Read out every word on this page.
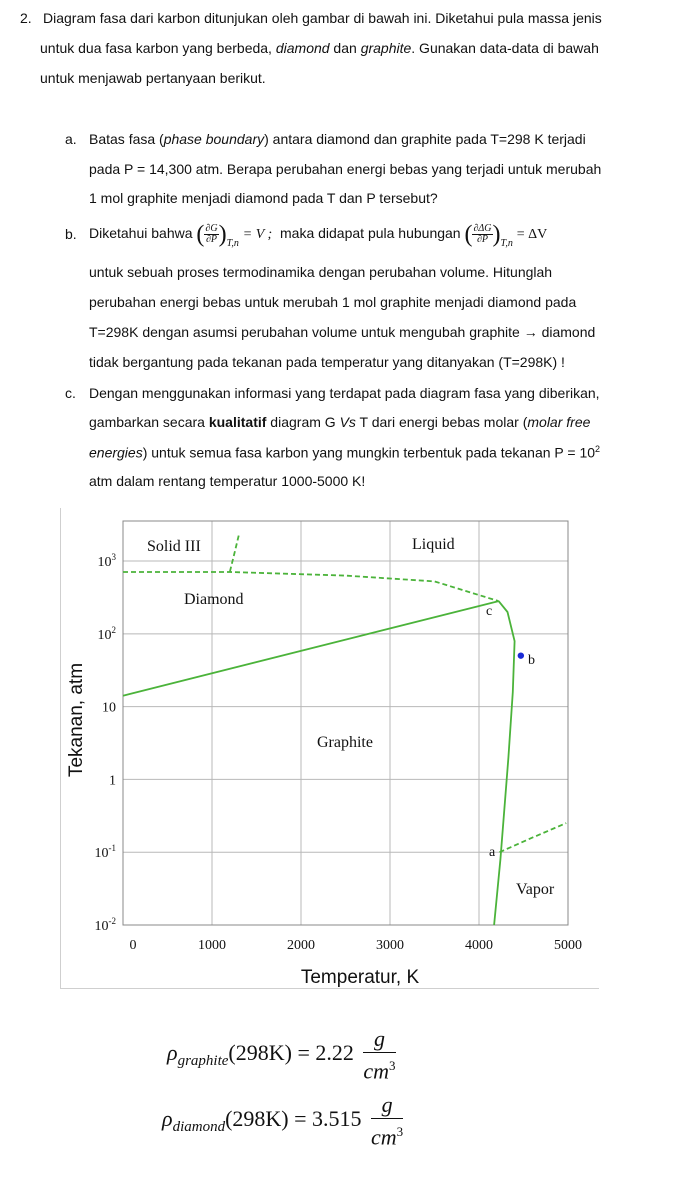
2. Diagram fasa dari karbon ditunjukan oleh gambar di bawah ini. Diketahui pula massa jenis
untuk dua fasa karbon yang berbeda, diamond dan graphite. Gunakan data-data di bawah
untuk menjawab pertanyaan berikut.
a. Batas fasa (phase boundary) antara diamond dan graphite pada T=298 K terjadi
pada P = 14,300 atm. Berapa perubahan energi bebas yang terjadi untuk merubah
1 mol graphite menjadi diamond pada T dan P tersebut?
b. Diketahui bahwa ( $\frac{\partial G}{\partial P} )_{T,n} = V$ ; maka didapat pula hubungan ( $\frac{\partial\Delta G}{\partial P} )_{T,n} = \Delta V$
untuk sebuah proses termodinamika dengan perubahan volume. Hitunglah
perubahan energi bebas untuk merubah 1 mol graphite menjadi diamond pada
T=298K dengan asumsi perubahan volume untuk mengubah graphite → diamond
tidak bergantung pada tekanan pada temperatur yang ditanyakan (T=298K) !
c. Dengan menggunakan informasi yang terdapat pada diagram fasa yang diberikan,
gambarkan secara kualitatif diagram G Vs T dari energi bebas molar (molar free
energies) untuk semua fasa karbon yang mungkin terbentuk pada tekanan $P = 10^2$
atm dalam rentang temperatur 1000-5000 K!
0	1000	2000	3000	4000	5000
$10^3$
$10^2$
10
1
$10^{-1}$
$10^{-2}$
Temperatur, K
Tekanan, atm
Solid III	Liquid
Diamond
Graphite
Vapor
a
b
c
$\rho_{graphite}(298K) = 2.22 \frac{g}{cm^3}$
$\rho_{diamond}(298K) = 3.515 \frac{g}{cm^3}$
